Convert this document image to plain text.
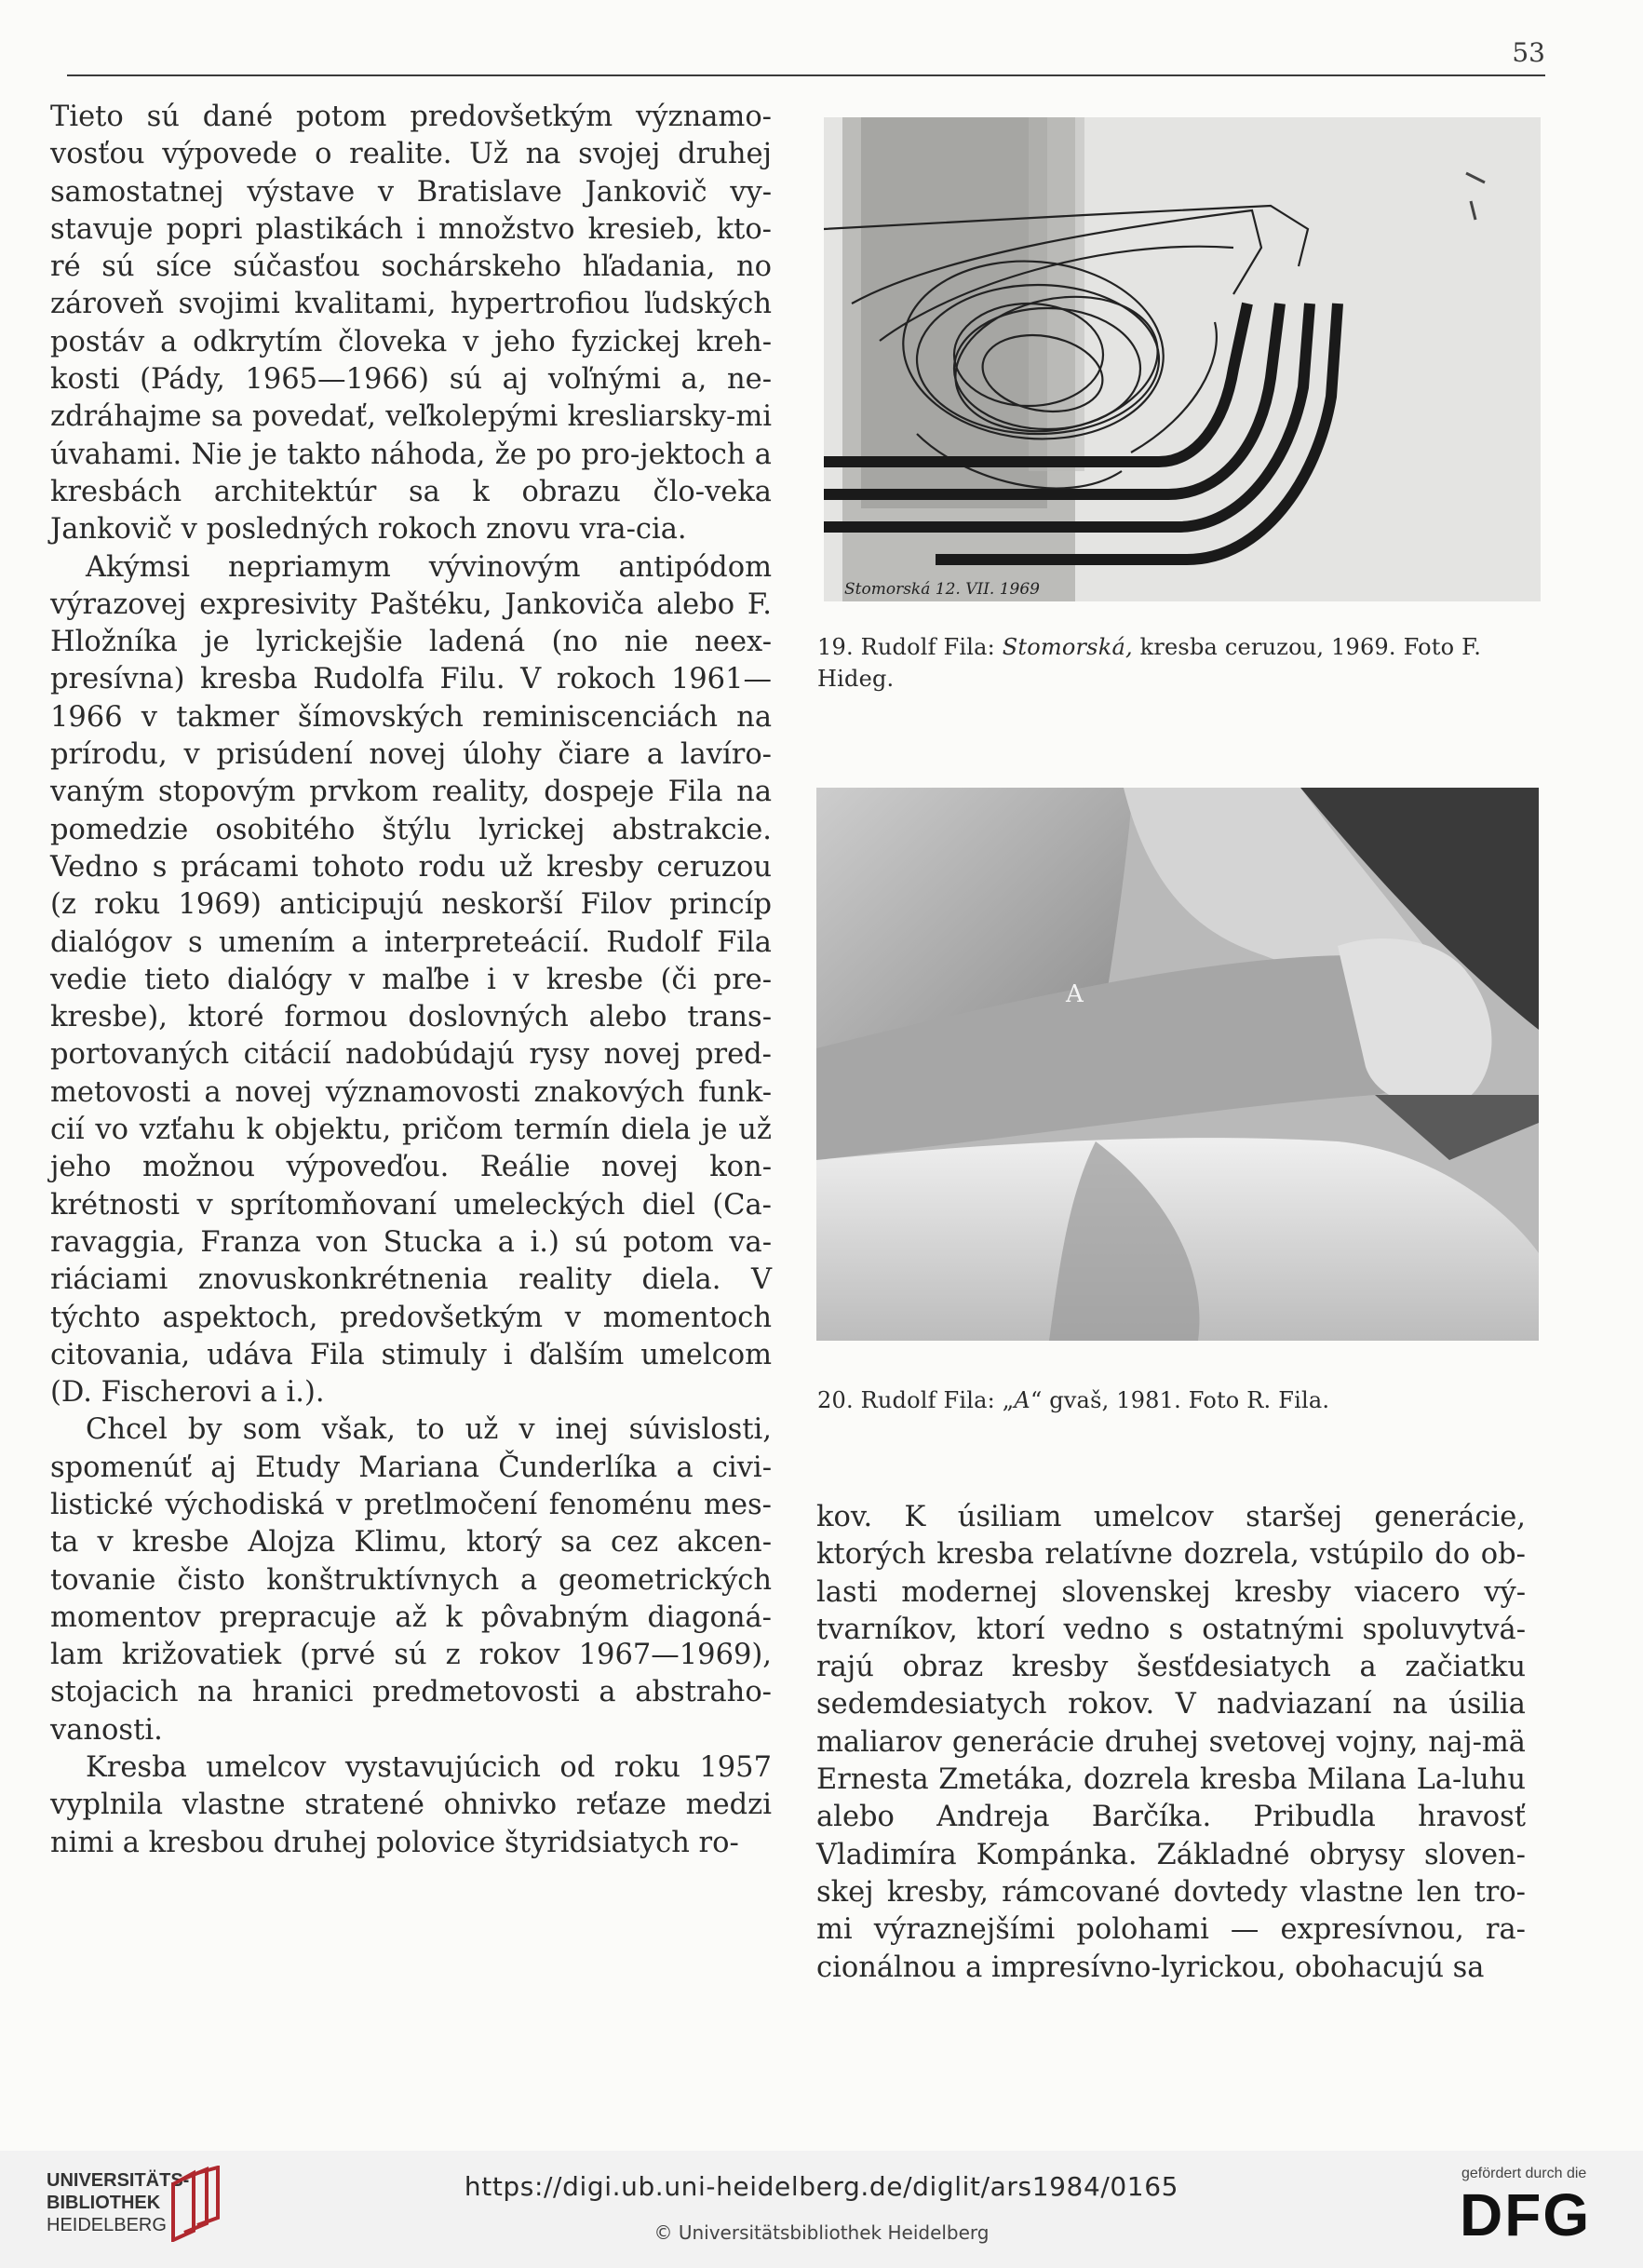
53

Tieto sú dané potom predovšetkým významo-vosťou výpovede o realite. Už na svojej druhej samostatnej výstave v Bratislave Jankovič vy-stavuje popri plastikách i množstvo kresieb, kto-ré sú síce súčasťou sochárskeho hľadania, no zároveň svojimi kvalitami, hypertrofiou ľudských postáv a odkrytím človeka v jeho fyzickej kreh-kosti (Pády, 1965—1966) sú aj voľnými a, ne-zdráhajme sa povedať, veľkolepými kresliarsky-mi úvahami. Nie je takto náhoda, že po pro-jektoch a kresbách architektúr sa k obrazu člo-veka Jankovič v posledných rokoch znovu vra-cia.

Akýmsi nepriamym vývinovým antipódom výrazovej expresivity Paštéku, Jankoviča alebo F. Hložníka je lyrickejšie ladená (no nie neex-presívna) kresba Rudolfa Filu. V rokoch 1961—1966 v takmer šímovských reminiscenciách na prírodu, v prisúdení novej úlohy čiare a lavíro-vaným stopovým prvkom reality, dospeje Fila na pomedzie osobitého štýlu lyrickej abstrakcie. Vedno s prácami tohoto rodu už kresby ceruzou (z roku 1969) anticipujú neskorší Filov princíp dialógov s umením a interpreteácií. Rudolf Fila vedie tieto dialógy v maľbe i v kresbe (či pre-kresbe), ktoré formou doslovných alebo trans-portovaných citácií nadobúdajú rysy novej pred-metovosti a novej významovosti znakových funk-cií vo vzťahu k objektu, pričom termín diela je už jeho možnou výpoveďou. Reálie novej kon-krétnosti v sprítomňovaní umeleckých diel (Ca-ravaggia, Franza von Stucka a i.) sú potom va-riáciami znovuskonkrétnenia reality diela. V týchto aspektoch, predovšetkým v momentoch citovania, udáva Fila stimuly i ďalším umelcom (D. Fischerovi a i.).

Chcel by som však, to už v inej súvislosti, spomenúť aj Etudy Mariana Čunderlíka a civi-listické východiská v pretlmočení fenoménu mes-ta v kresbe Alojza Klimu, ktorý sa cez akcen-tovanie čisto konštruktívnych a geometrických momentov prepracuje až k pôvabným diagoná-lam križovatiek (prvé sú z rokov 1967—1969), stojacich na hranici predmetovosti a abstraho-vanosti.

Kresba umelcov vystavujúcich od roku 1957 vyplnila vlastne stratené ohnivko reťaze medzi nimi a kresbou druhej polovice štyridsiatych ro-

Stomorská 12. VII. 1969
19. Rudolf Fila: Stomorská, kresba ceruzou, 1969. Foto F. Hideg.
A
20. Rudolf Fila: „A“ gvaš, 1981. Foto R. Fila.

kov. K úsiliam umelcov staršej generácie, ktorých kresba relatívne dozrela, vstúpilo do ob-lasti modernej slovenskej kresby viacero vý-tvarníkov, ktorí vedno s ostatnými spoluvytvá-rajú obraz kresby šesťdesiatych a začiatku sedemdesiatych rokov. V nadviazaní na úsilia maliarov generácie druhej svetovej vojny, naj-mä Ernesta Zmetáka, dozrela kresba Milana La-luhu alebo Andreja Barčíka. Pribudla hravosť Vladimíra Kompánka. Základné obrysy sloven-skej kresby, rámcované dovtedy vlastne len tro-mi výraznejšími polohami — expresívnou, ra-cionálnou a impresívno-lyrickou, obohacujú sa

UNIVERSITÄTS-
BIBLIOTHEK
HEIDELBERG
https://digi.ub.uni-heidelberg.de/diglit/ars1984/0165
© Universitätsbibliothek Heidelberg
gefördert durch die
DFG
